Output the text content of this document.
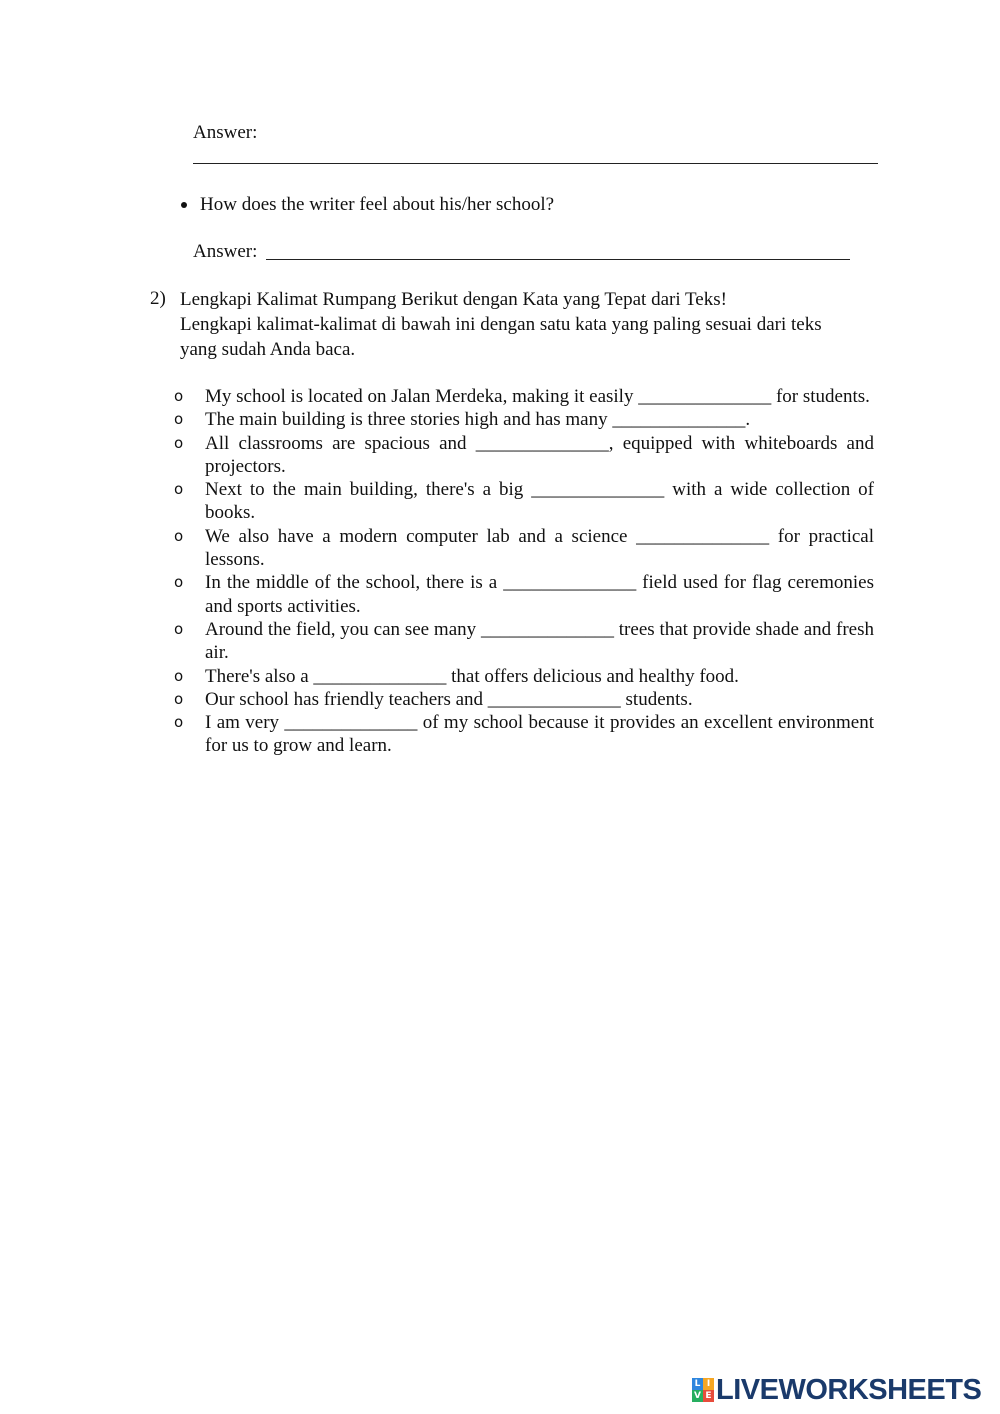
Answer:
How does the writer feel about his/her school?
Answer:
2) Lengkapi Kalimat Rumpang Berikut dengan Kata yang Tepat dari Teks!
Lengkapi kalimat-kalimat di bawah ini dengan satu kata yang paling sesuai dari teks
yang sudah Anda baca.
o My school is located on Jalan Merdeka, making it easily ______________ for students.
o The main building is three stories high and has many ______________.
o All classrooms are spacious and ______________, equipped with whiteboards and projectors.
o Next to the main building, there's a big ______________ with a wide collection of books.
o We also have a modern computer lab and a science ______________ for practical lessons.
o In the middle of the school, there is a ______________ field used for flag ceremonies and sports activities.
o Around the field, you can see many ______________ trees that provide shade and fresh air.
o There's also a ______________ that offers delicious and healthy food.
o Our school has friendly teachers and ______________ students.
o I am very ______________ of my school because it provides an excellent environment for us to grow and learn.
L I
V E LIVEWORKSHEETS
